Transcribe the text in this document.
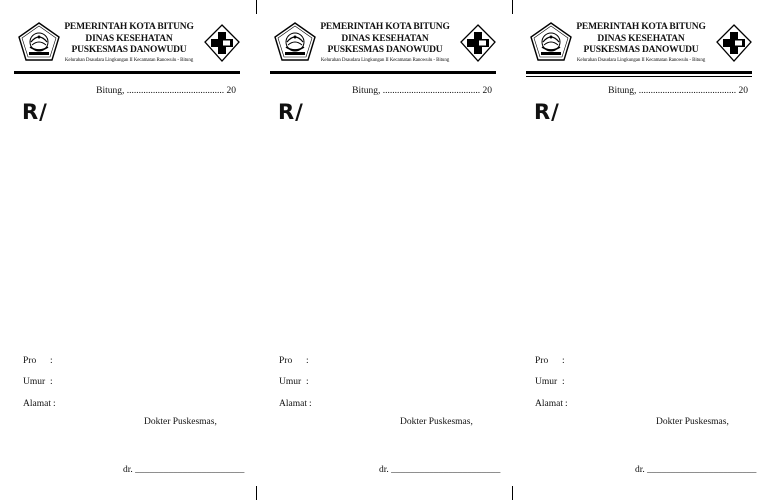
PEMERINTAH KOTA BITUNG
DINAS KESEHATAN
PUSKESMAS DANOWUDU
Kelurahan Dsaudara Lingkungan II Kecamatan Ranowulu - Bitung
Bitung, ......................................... 20
R/
Pro :
Umur :
Alamat :
Dokter Puskesmas,
dr. _______________________
PEMERINTAH KOTA BITUNG
DINAS KESEHATAN
PUSKESMAS DANOWUDU
Kelurahan Dsaudara Lingkungan II Kecamatan Ranowulu - Bitung
Bitung, ......................................... 20
R/
Pro :
Umur :
Alamat :
Dokter Puskesmas,
dr. _______________________
PEMERINTAH KOTA BITUNG
DINAS KESEHATAN
PUSKESMAS DANOWUDU
Kelurahan Dsaudara Lingkungan II Kecamatan Ranowulu - Bitung
Bitung, ......................................... 20
R/
Pro :
Umur :
Alamat :
Dokter Puskesmas,
dr. _______________________
